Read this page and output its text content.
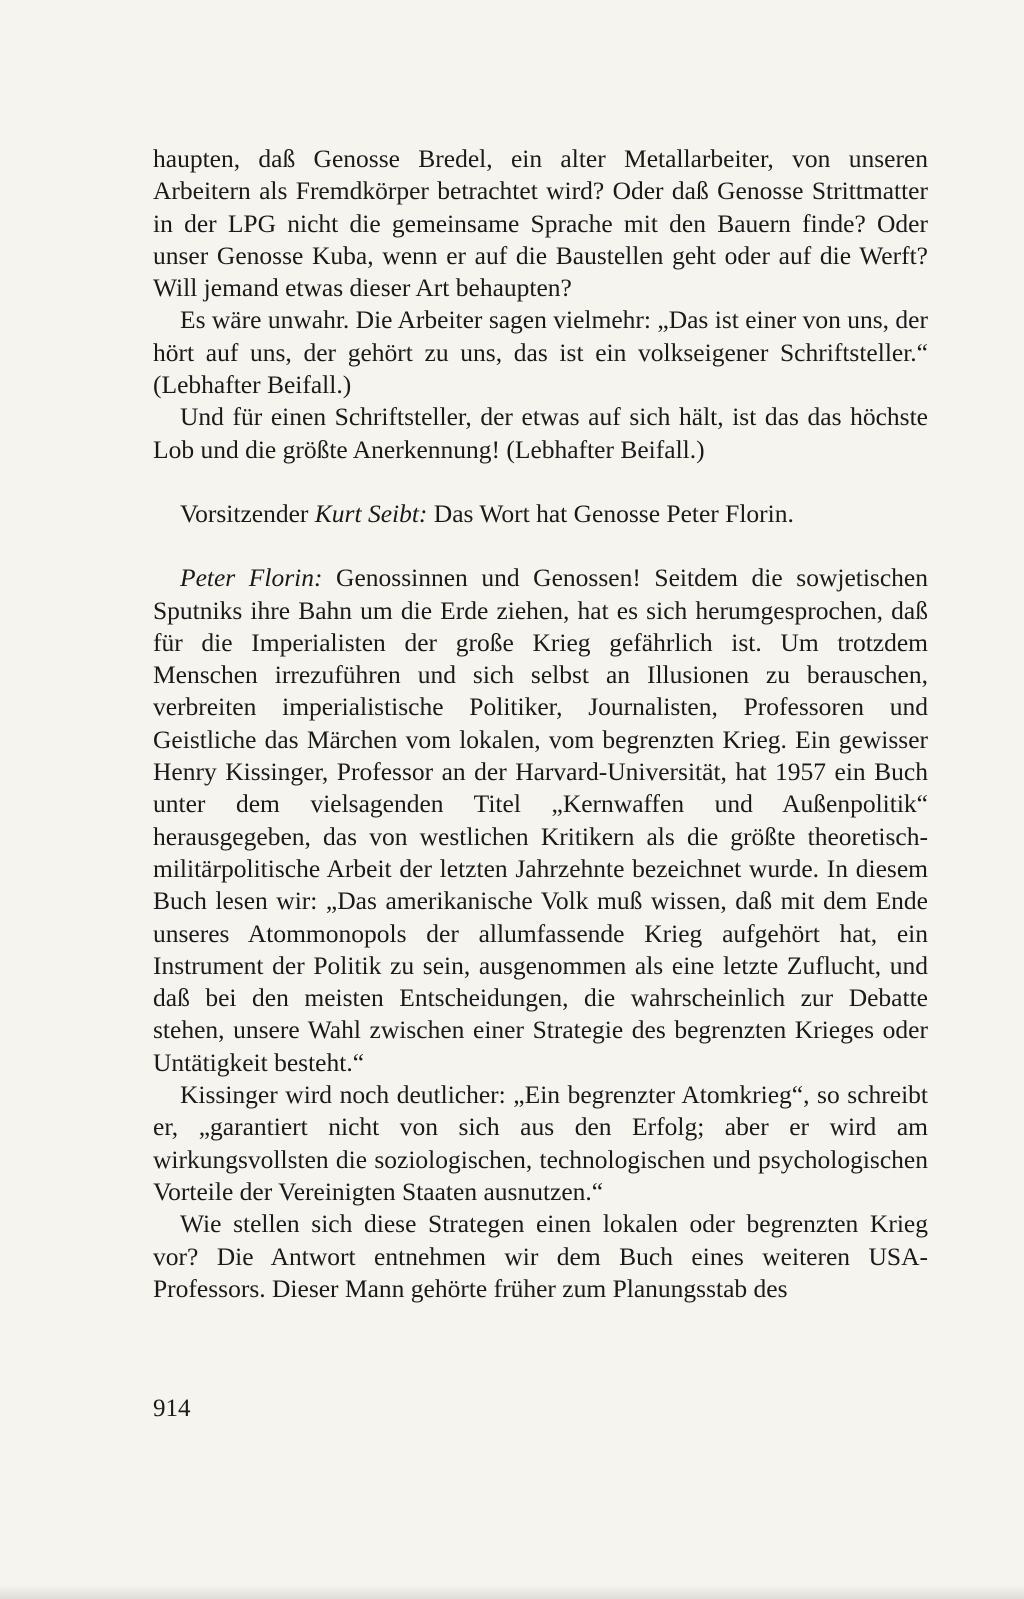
haupten, daß Genosse Bredel, ein alter Metallarbeiter, von unseren Arbeitern als Fremdkörper betrachtet wird? Oder daß Genosse Strittmatter in der LPG nicht die gemeinsame Sprache mit den Bauern finde? Oder unser Genosse Kuba, wenn er auf die Baustellen geht oder auf die Werft? Will jemand etwas dieser Art behaupten?

Es wäre unwahr. Die Arbeiter sagen vielmehr: „Das ist einer von uns, der hört auf uns, der gehört zu uns, das ist ein volkseigener Schriftsteller.“ (Lebhafter Beifall.)

Und für einen Schriftsteller, der etwas auf sich hält, ist das das höchste Lob und die größte Anerkennung! (Lebhafter Beifall.)

Vorsitzender Kurt Seibt: Das Wort hat Genosse Peter Florin.

Peter Florin: Genossinnen und Genossen! Seitdem die sowjetischen Sputniks ihre Bahn um die Erde ziehen, hat es sich herumgesprochen, daß für die Imperialisten der große Krieg gefährlich ist. Um trotzdem Menschen irrezuführen und sich selbst an Illusionen zu berauschen, verbreiten imperialistische Politiker, Journalisten, Professoren und Geistliche das Märchen vom lokalen, vom begrenzten Krieg. Ein gewisser Henry Kissinger, Professor an der Harvard-Universität, hat 1957 ein Buch unter dem vielsagenden Titel „Kernwaffen und Außenpolitik“ herausgegeben, das von westlichen Kritikern als die größte theoretisch-militärpolitische Arbeit der letzten Jahrzehnte bezeichnet wurde. In diesem Buch lesen wir: „Das amerikanische Volk muß wissen, daß mit dem Ende unseres Atommonopols der allumfassende Krieg aufgehört hat, ein Instrument der Politik zu sein, ausgenommen als eine letzte Zuflucht, und daß bei den meisten Entscheidungen, die wahrscheinlich zur Debatte stehen, unsere Wahl zwischen einer Strategie des begrenzten Krieges oder Untätigkeit besteht.“

Kissinger wird noch deutlicher: „Ein begrenzter Atomkrieg“, so schreibt er, „garantiert nicht von sich aus den Erfolg; aber er wird am wirkungsvollsten die soziologischen, technologischen und psychologischen Vorteile der Vereinigten Staaten ausnutzen.“

Wie stellen sich diese Strategen einen lokalen oder begrenzten Krieg vor? Die Antwort entnehmen wir dem Buch eines weiteren USA-Professors. Dieser Mann gehörte früher zum Planungsstab des

914
